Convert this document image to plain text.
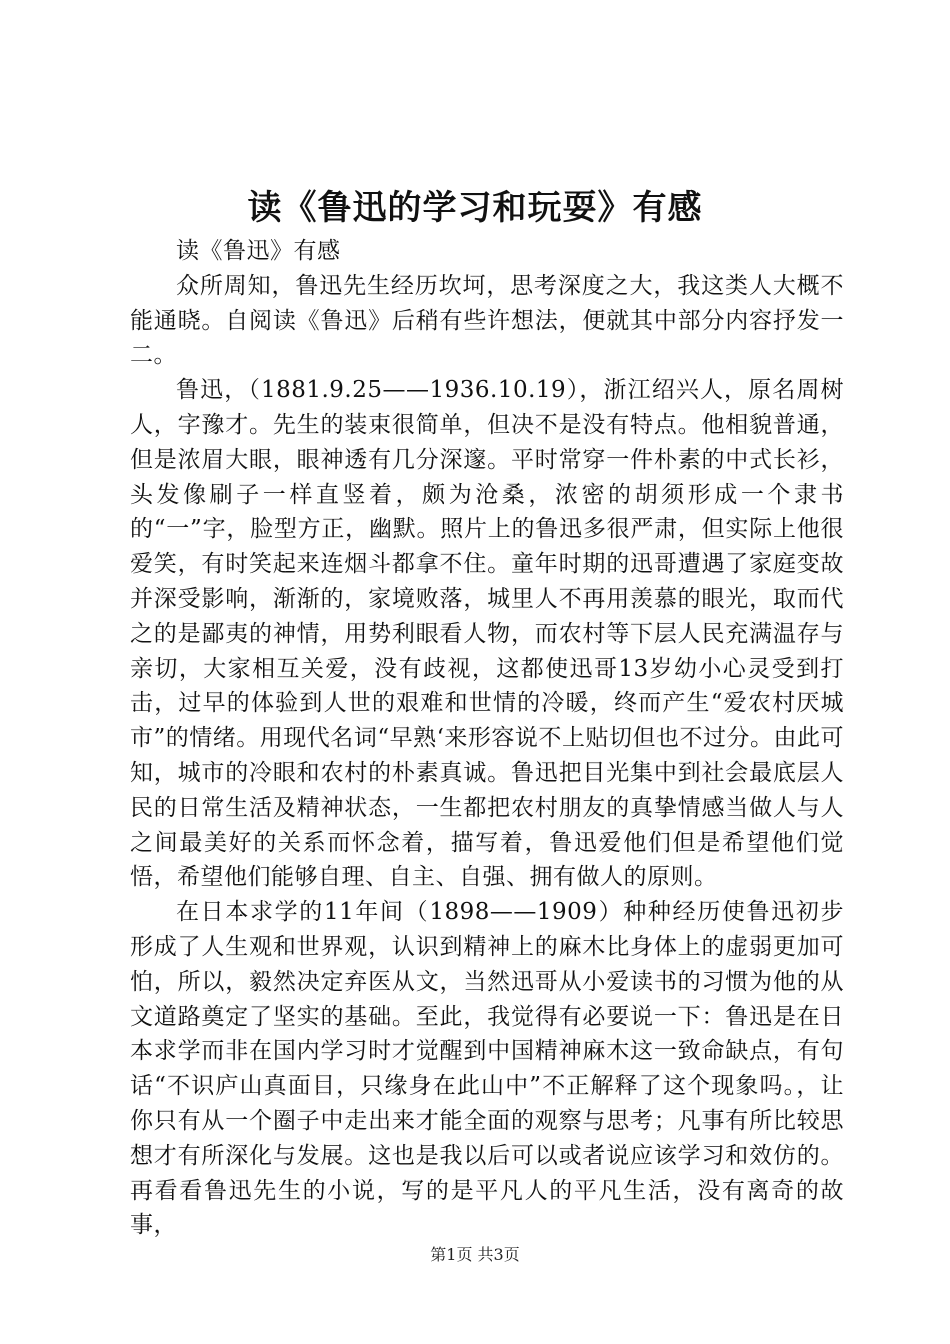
读《鲁迅的学习和玩耍》有感

读《鲁迅》有感

众所周知，鲁迅先生经历坎坷，思考深度之大，我这类人大概不能通晓。自阅读《鲁迅》后稍有些许想法，便就其中部分内容抒发一二。

鲁迅，（1881.9.25——1936.10.19），浙江绍兴人，原名周树人，字豫才。先生的装束很简单，但决不是没有特点。他相貌普通，但是浓眉大眼，眼神透有几分深邃。平时常穿一件朴素的中式长衫，头发像刷子一样直竖着，颇为沧桑，浓密的胡须形成一个隶书的“一”字，脸型方正，幽默。照片上的鲁迅多很严肃，但实际上他很爱笑，有时笑起来连烟斗都拿不住。童年时期的迅哥遭遇了家庭变故并深受影响，渐渐的，家境败落，城里人不再用羡慕的眼光，取而代之的是鄙夷的神情，用势利眼看人物，而农村等下层人民充满温存与亲切，大家相互关爱，没有歧视，这都使迅哥13岁幼小心灵受到打击，过早的体验到人世的艰难和世情的冷暖，终而产生“爱农村厌城市”的情绪。用现代名词“早熟‘来形容说不上贴切但也不过分。由此可知，城市的冷眼和农村的朴素真诚。鲁迅把目光集中到社会最底层人民的日常生活及精神状态，一生都把农村朋友的真挚情感当做人与人之间最美好的关系而怀念着，描写着，鲁迅爱他们但是希望他们觉悟，希望他们能够自理、自主、自强、拥有做人的原则。

在日本求学的11年间（1898——1909）种种经历使鲁迅初步形成了人生观和世界观，认识到精神上的麻木比身体上的虚弱更加可怕，所以，毅然决定弃医从文，当然迅哥从小爱读书的习惯为他的从文道路奠定了坚实的基础。至此，我觉得有必要说一下：鲁迅是在日本求学而非在国内学习时才觉醒到中国精神麻木这一致命缺点，有句话“不识庐山真面目，只缘身在此山中”不正解释了这个现象吗。，让你只有从一个圈子中走出来才能全面的观察与思考；凡事有所比较思想才有所深化与发展。这也是我以后可以或者说应该学习和效仿的。再看看鲁迅先生的小说，写的是平凡人的平凡生活，没有离奇的故事，

第1页 共3页
